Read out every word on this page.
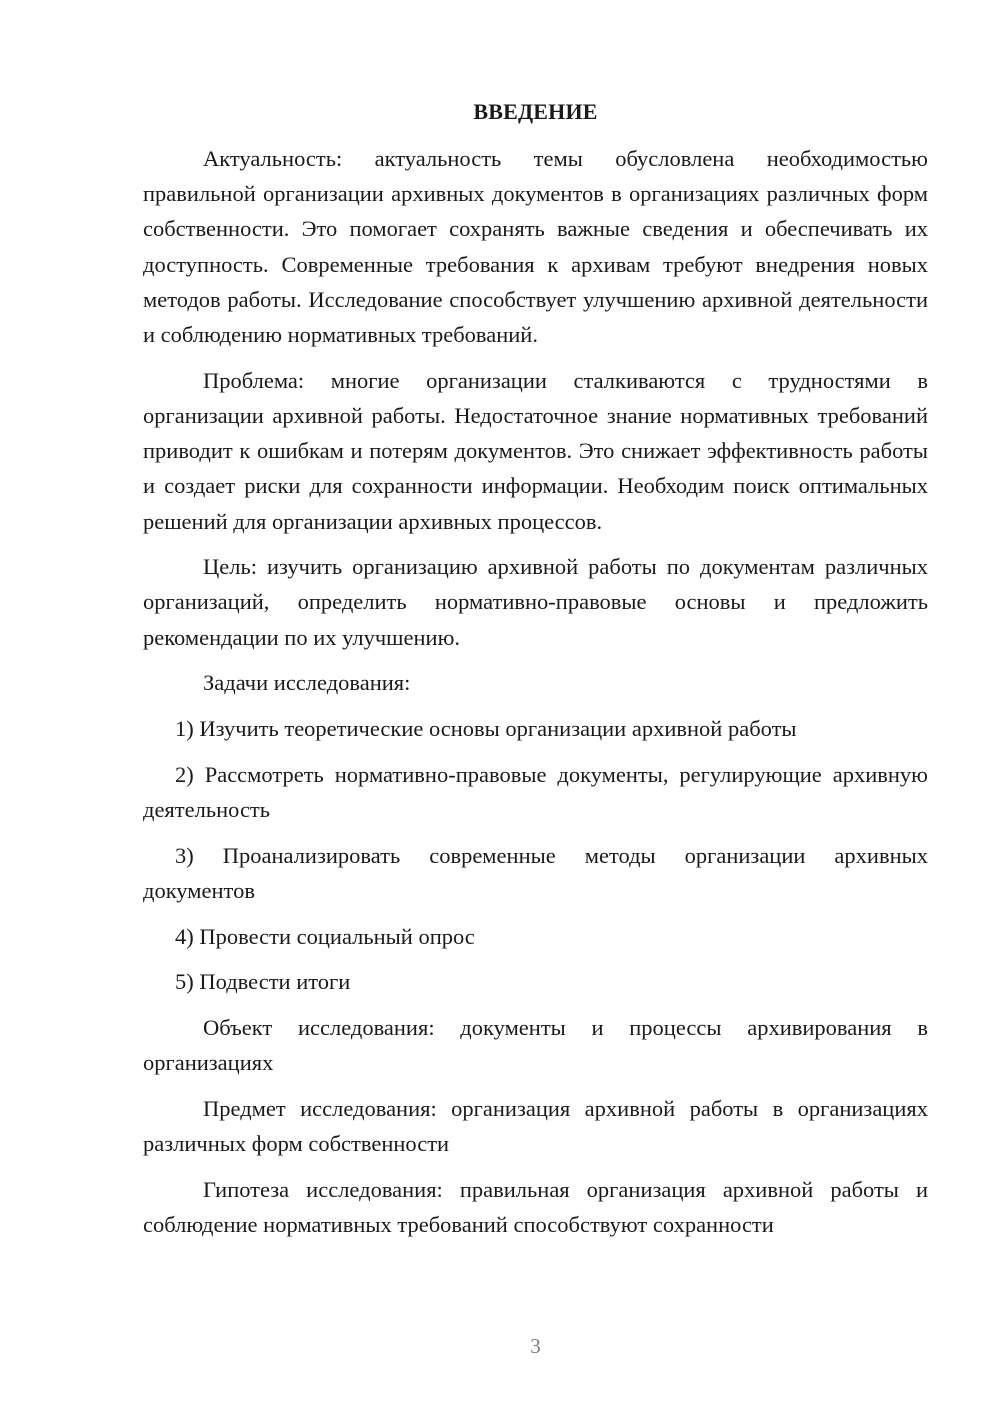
ВВЕДЕНИЕ

Актуальность: актуальность темы обусловлена необходимостью правильной организации архивных документов в организациях различных форм собственности. Это помогает сохранять важные сведения и обеспечивать их доступность. Современные требования к архивам требуют внедрения новых методов работы. Исследование способствует улучшению архивной деятельности и соблюдению нормативных требований.

Проблема: многие организации сталкиваются с трудностями в организации архивной работы. Недостаточное знание нормативных требований приводит к ошибкам и потерям документов. Это снижает эффективность работы и создает риски для сохранности информации. Необходим поиск оптимальных решений для организации архивных процессов.

Цель: изучить организацию архивной работы по документам различных организаций, определить нормативно-правовые основы и предложить рекомендации по их улучшению.

Задачи исследования:

1) Изучить теоретические основы организации архивной работы

2) Рассмотреть нормативно-правовые документы, регулирующие архивную деятельность

3) Проанализировать современные методы организации архивных документов

4) Провести социальный опрос

5) Подвести итоги

Объект исследования: документы и процессы архивирования в организациях

Предмет исследования: организация архивной работы в организациях различных форм собственности

Гипотеза исследования: правильная организация архивной работы и соблюдение нормативных требований способствуют сохранности

3
